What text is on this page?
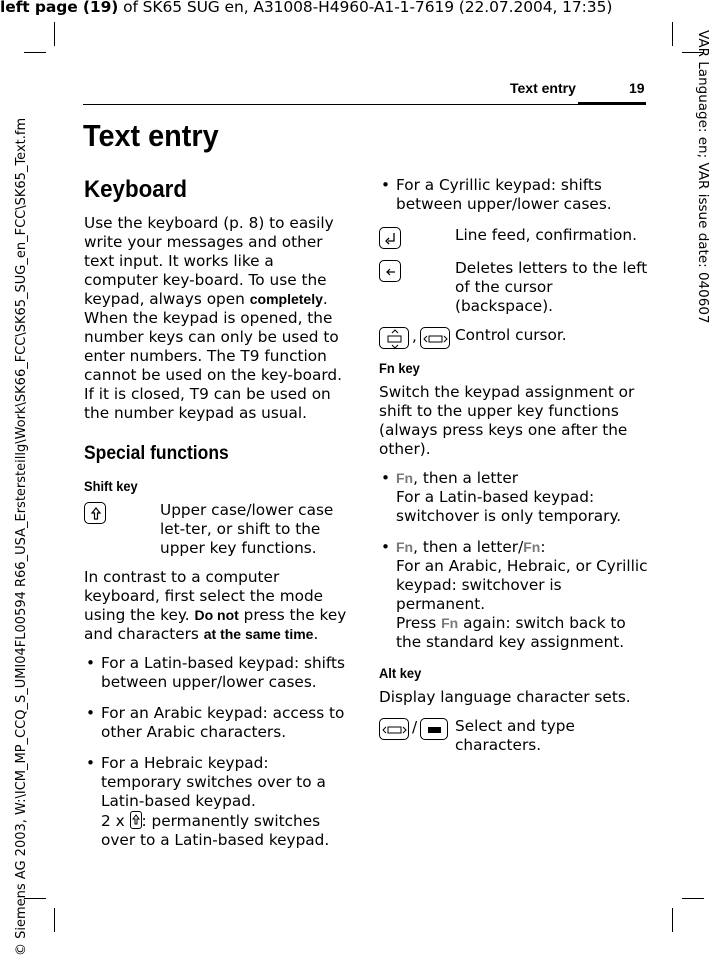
left page (19) of SK65 SUG en, A31008-H4960-A1-1-7619 (22.07.2004, 17:35)
© Siemens AG 2003, W:\ICM_MP_CCQ_S_UMI04FL00594 R66_USA_Erstersteillg\Work\SK66_FCC\SK65_SUG_en_FCC\SK65_Text.fm	VAR Language: en; VAR issue date: 040607
Text entry	19
Text entry
Keyboard

Use the keyboard (p. 8) to easily write your messages and other text input. It works like a computer key-board. To use the keypad, always open completely. When the keypad is opened, the number keys can only be used to enter numbers. The T9 function cannot be used on the key-board. If it is closed, T9 can be used on the number keypad as usual.

Special functions
Shift key
Upper case/lower case let-ter, or shift to the upper key functions.

In contrast to a computer keyboard, first select the mode using the key. Do not press the key and characters at the same time.

• For a Latin-based keypad: shifts between upper/lower cases.
• For an Arabic keypad: access to other Arabic characters.
• For a Hebraic keypad: temporary switches over to a Latin-based keypad.
2 x
: permanently switches over to a Latin-based keypad.
• For a Cyrillic keypad: shifts between upper/lower cases.
Line feed, confirmation.
Deletes letters to the left of the cursor (backspace).
,	Control cursor.
Fn key

Switch the keypad assignment or shift to the upper key functions (always press keys one after the other).

• Fn, then a letter
For a Latin-based keypad: switchover is only temporary.
• Fn, then a letter/Fn:
For an Arabic, Hebraic, or Cyrillic keypad: switchover is permanent.
Press Fn again: switch back to the standard key assignment.
Alt key

Display language character sets.

/	Select and type characters.
